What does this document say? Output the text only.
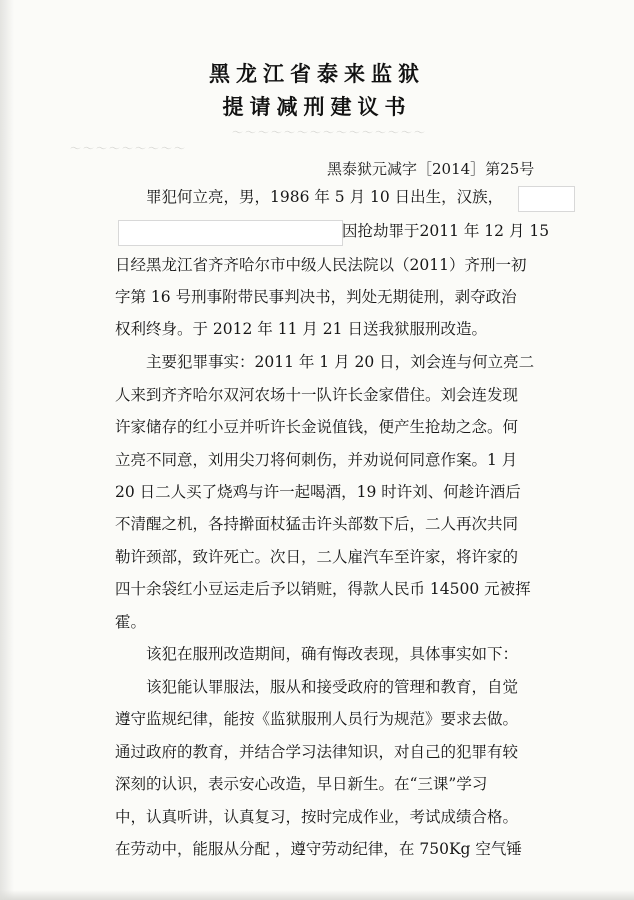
〜〜〜〜〜〜〜〜〜〜〜〜〜〜〜
〜〜〜〜〜〜〜〜〜
黑龙江省泰来监狱
提请减刑建议书
黑泰狱元减字［2014］第25号
罪犯何立亮，男，1986 年 5 月 10 日出生，汉族，
因抢劫罪于2011 年 12 月 15
日经黑龙江省齐齐哈尔市中级人民法院以（2011）齐刑一初
字第 16 号刑事附带民事判决书，判处无期徒刑，剥夺政治
权利终身。于 2012 年 11 月 21 日送我狱服刑改造。
主要犯罪事实：2011 年 1 月 20 日，刘会连与何立亮二
人来到齐齐哈尔双河农场十一队许长金家借住。刘会连发现
许家储存的红小豆并听许长金说值钱，便产生抢劫之念。何
立亮不同意，刘用尖刀将何刺伤，并劝说何同意作案。1 月
20 日二人买了烧鸡与许一起喝酒，19 时许刘、何趁许酒后
不清醒之机，各持擀面杖猛击许头部数下后，二人再次共同
勒许颈部，致许死亡。次日，二人雇汽车至许家，将许家的
四十余袋红小豆运走后予以销赃，得款人民币 14500 元被挥
霍。
该犯在服刑改造期间，确有悔改表现，具体事实如下：
该犯能认罪服法，服从和接受政府的管理和教育，自觉
遵守监规纪律，能按《监狱服刑人员行为规范》要求去做。
通过政府的教育，并结合学习法律知识，对自己的犯罪有较
深刻的认识，表示安心改造，早日新生。在“三课”学习
中，认真听讲，认真复习，按时完成作业，考试成绩合格。
在劳动中，能服从分配 ，遵守劳动纪律，在 750Kg 空气锤
